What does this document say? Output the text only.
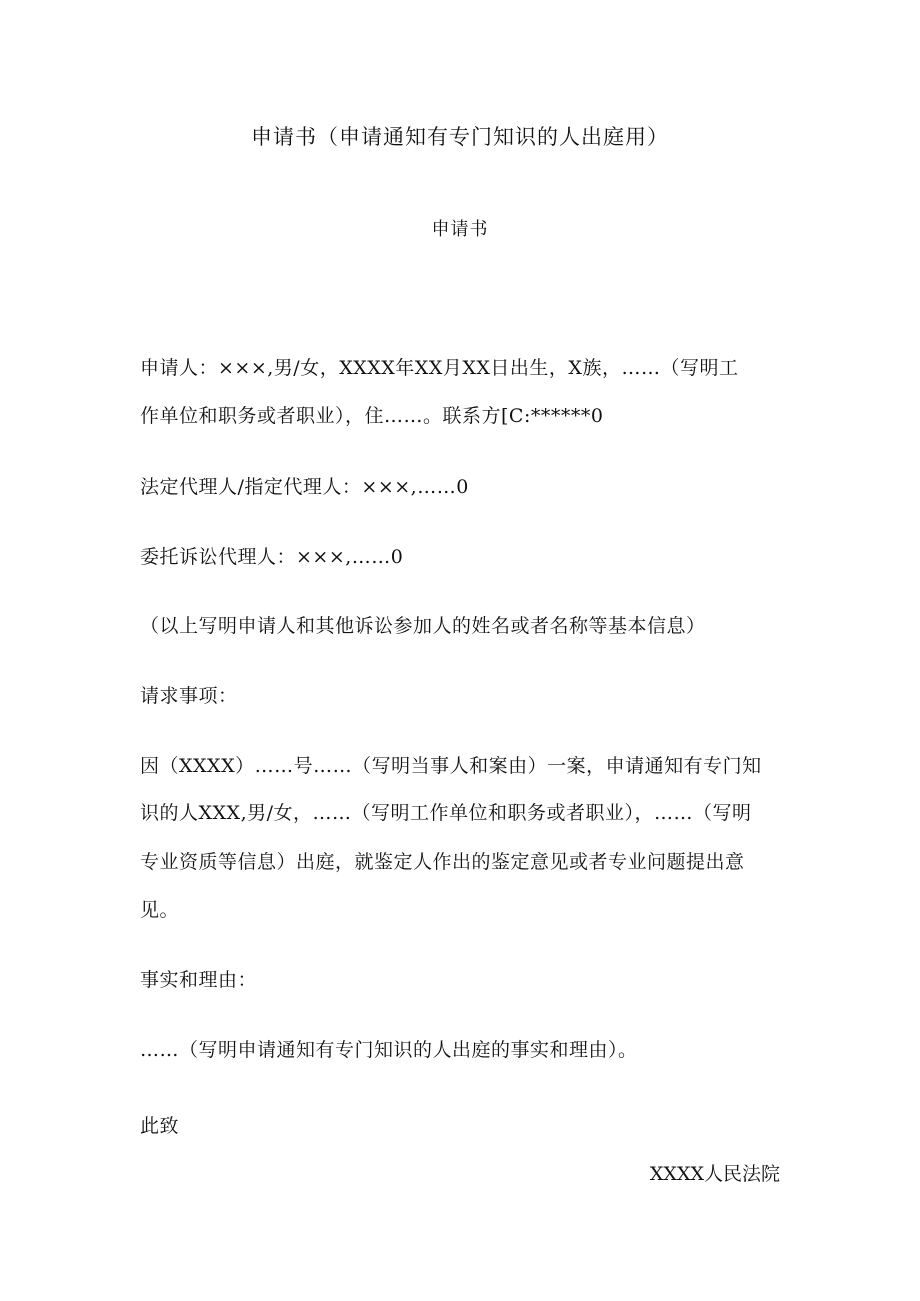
申请书（申请通知有专门知识的人出庭用）
申请书
申请人：×××,男/女，XXXX年XX月XX日出生，X族，……（写明工
作单位和职务或者职业），住……。联系方[C:******0
法定代理人/指定代理人：×××,……0
委托诉讼代理人：×××,……0
（以上写明申请人和其他诉讼参加人的姓名或者名称等基本信息）
请求事项：
因（XXXX）……号……（写明当事人和案由）一案，申请通知有专门知
识的人XXX,男/女，……（写明工作单位和职务或者职业），……（写明
专业资质等信息）出庭，就鉴定人作出的鉴定意见或者专业问题提出意
见。
事实和理由：
……（写明申请通知有专门知识的人出庭的事实和理由）。
此致
XXXX人民法院
